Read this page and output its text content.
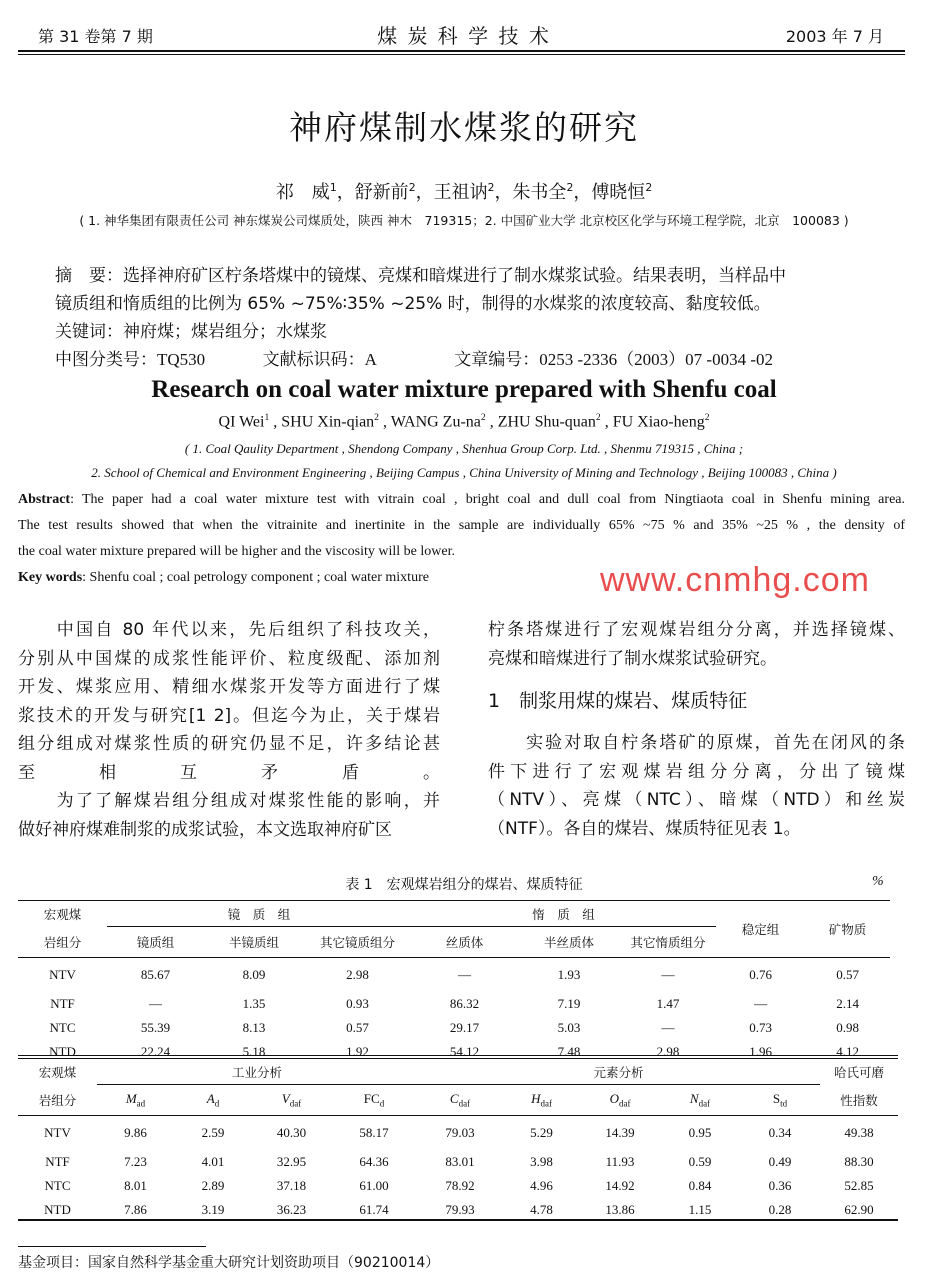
第 31 卷第 7 期	煤 炭 科 学 技 术	2003 年 7 月
神府煤制水煤浆的研究
祁　威$^1$，舒新前$^2$，王祖讷$^2$，朱书全$^2$，傅晓恒$^2$
( 1. 神华集团有限责任公司 神东煤炭公司煤质处，陕西 神木　719315；2. 中国矿业大学 北京校区化学与环境工程学院，北京　100083 )
摘　要：选择神府矿区柠条塔煤中的镜煤、亮煤和暗煤进行了制水煤浆试验。结果表明，当样品中
镜质组和惰质组的比例为 65% ~75%∶35% ~25% 时，制得的水煤浆的浓度较高、黏度较低。
关键词：神府煤；煤岩组分；水煤浆
中图分类号：TQ530	文献标识码：A	文章编号：0253 -2336（2003）07 -0034 -02
Research on coal water mixture prepared with Shenfu coal
QI Wei$^1$ , SHU Xin-qian$^2$ , WANG $Zu-na^2$ , ZHU Shu-quan$^2$ , FU Xiao-heng$^2$
( 1. Coal Qaulity Department , Shendong Company , Shenhua Group Corp. Ltd. , Shenmu 719315 , China ;
2. School of Chemical and Environment Engineering , Beijing Campus , China University of Mining and Technology , Beijing 100083 , China )
Abstract: The paper had a coal water mixture test with vitrain coal , bright coal and dull coal from Ningtiaota coal in Shenfu mining area.
The test results showed that when the vitrainite and inertinite in the sample are individually 65% ~75 % and 35% ~25 % , the density of
the coal water mixture prepared will be higher and the viscosity will be lower.
Key words: Shenfu coal ; coal petrology component ; coal water mixture
　　中国自 80 年代以来，先后组织了科技攻关，
分别从中国煤的成浆性能评价、粒度级配、添加剂
开发、煤浆应用、精细水煤浆开发等方面进行了煤
浆技术的开发与研究[1 2]。但迄今为止，关于煤岩
组分组成对煤浆性质的研究仍显不足，许多结论甚
至相互矛盾。
　　为了了解煤岩组分组成对煤浆性能的影响，并
做好神府煤难制浆的成浆试验，本文选取神府矿区
柠条塔煤进行了宏观煤岩组分分离，并选择镜煤、
亮煤和暗煤进行了制水煤浆试验研究。
1　制浆用煤的煤岩、煤质特征
　　实验对取自柠条塔矿的原煤，首先在闭风的条
件下进行了宏观煤岩组分分离，分出了镜煤
（NTV）、亮煤（NTC）、暗煤（NTD）和丝炭
（NTF）。各自的煤岩、煤质特征见表 1。
表 1　宏观煤岩组分的煤岩、煤质特征	%
宏观煤	镜　质　组			惰　质　组			稳定组	矿物质
岩组分	镜质组	半镜质组	其它镜质组分	丝质体	半丝质体	其它惰质组分		
NTV	85.67	8.09	2.98	—	1.93	—	0.76	0.57
NTF	—	1.35	0.93	86.32	7.19	1.47	—	2.14
NTC	55.39	8.13	0.57	29.17	5.03	—	0.73	0.98
NTD	22.24	5.18	1.92	54.12	7.48	2.98	1.96	4.12
宏观煤	工业分析				元素分析					哈氏可磨
岩组分	$M_{ad}$	$A_d$	$V_{daf}$	$FC_d$	$C_{daf}$	$H_{daf}$	$O_{daf}$	$N_{daf}$	$S_{td}$	性指数
NTV	9.86	2.59	40.30	58.17	79.03	5.29	14.39	0.95	0.34	49.38
NTF	7.23	4.01	32.95	64.36	83.01	3.98	11.93	0.59	0.49	88.30
NTC	8.01	2.89	37.18	61.00	78.92	4.96	14.92	0.84	0.36	52.85
NTD	7.86	3.19	36.23	61.74	79.93	4.78	13.86	1.15	0.28	62.90
基金项目：国家自然科学基金重大研究计划资助项目（90210014）
www.cnmhg.com
